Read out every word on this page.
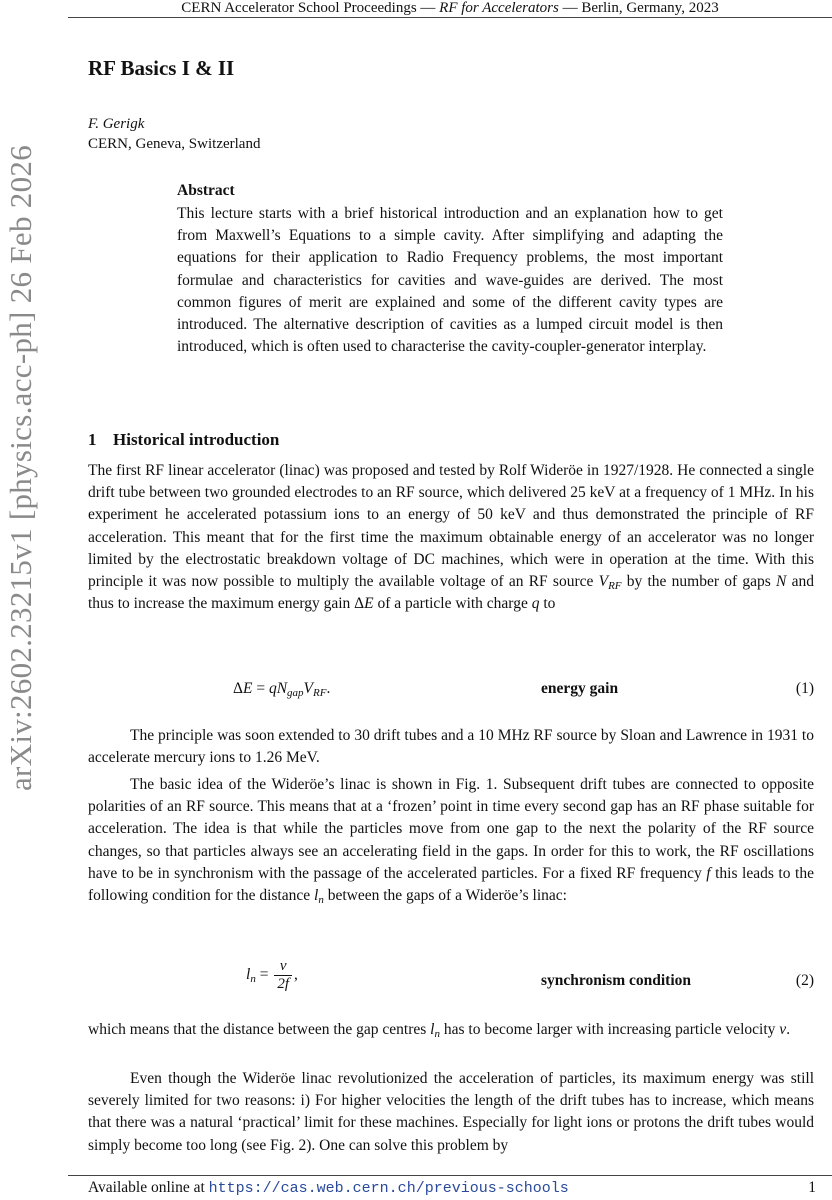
arXiv:2602.23215v1 [physics.acc-ph] 26 Feb 2026
CERN Accelerator School Proceedings — RF for Accelerators — Berlin, Germany, 2023
RF Basics I & II
F. Gerigk
CERN, Geneva, Switzerland
Abstract
This lecture starts with a brief historical introduction and an explanation how to get from Maxwell’s Equations to a simple cavity. After simplifying and adapting the equations for their application to Radio Frequency problems, the most important formulae and characteristics for cavities and wave-guides are derived. The most common figures of merit are explained and some of the different cavity types are introduced. The alternative description of cavities as a lumped circuit model is then introduced, which is often used to characterise the cavity-coupler-generator interplay.
1 Historical introduction

The first RF linear accelerator (linac) was proposed and tested by Rolf Wideröe in 1927/1928. He connected a single drift tube between two grounded electrodes to an RF source, which delivered 25 keV at a frequency of 1 MHz. In his experiment he accelerated potassium ions to an energy of 50 keV and thus demonstrated the principle of RF acceleration. This meant that for the first time the maximum obtainable energy of an accelerator was no longer limited by the electrostatic breakdown voltage of DC machines, which were in operation at the time. With this principle it was now possible to multiply the available voltage of an RF source $V_{RF}$ by the number of gaps N and thus to increase the maximum energy gain ΔE of a particle with charge q to

$\Delta E = qN_{gap}V_{RF}$.	energy gain	(1)

The principle was soon extended to 30 drift tubes and a 10 MHz RF source by Sloan and Lawrence in 1931 to accelerate mercury ions to 1.26 MeV.

The basic idea of the Wideröe’s linac is shown in Fig. 1. Subsequent drift tubes are connected to opposite polarities of an RF source. This means that at a ‘frozen’ point in time every second gap has an RF phase suitable for acceleration. The idea is that while the particles move from one gap to the next the polarity of the RF source changes, so that particles always see an accelerating field in the gaps. In order for this to work, the RF oscillations have to be in synchronism with the passage of the accelerated particles. For a fixed RF frequency f this leads to the following condition for the distance $l_n$ between the gaps of a Wideröe’s linac:

$l_n = \frac{v}{2f}$ ,	synchronism condition	(2)

which means that the distance between the gap centres $l_n$ has to become larger with increasing particle velocity v.

Even though the Wideröe linac revolutionized the acceleration of particles, its maximum energy was still severely limited for two reasons: i) For higher velocities the length of the drift tubes has to increase, which means that there was a natural ‘practical’ limit for these machines. Especially for light ions or protons the drift tubes would simply become too long (see Fig. 2). One can solve this problem by

Available online at https://cas.web.cern.ch/previous-schools	1
